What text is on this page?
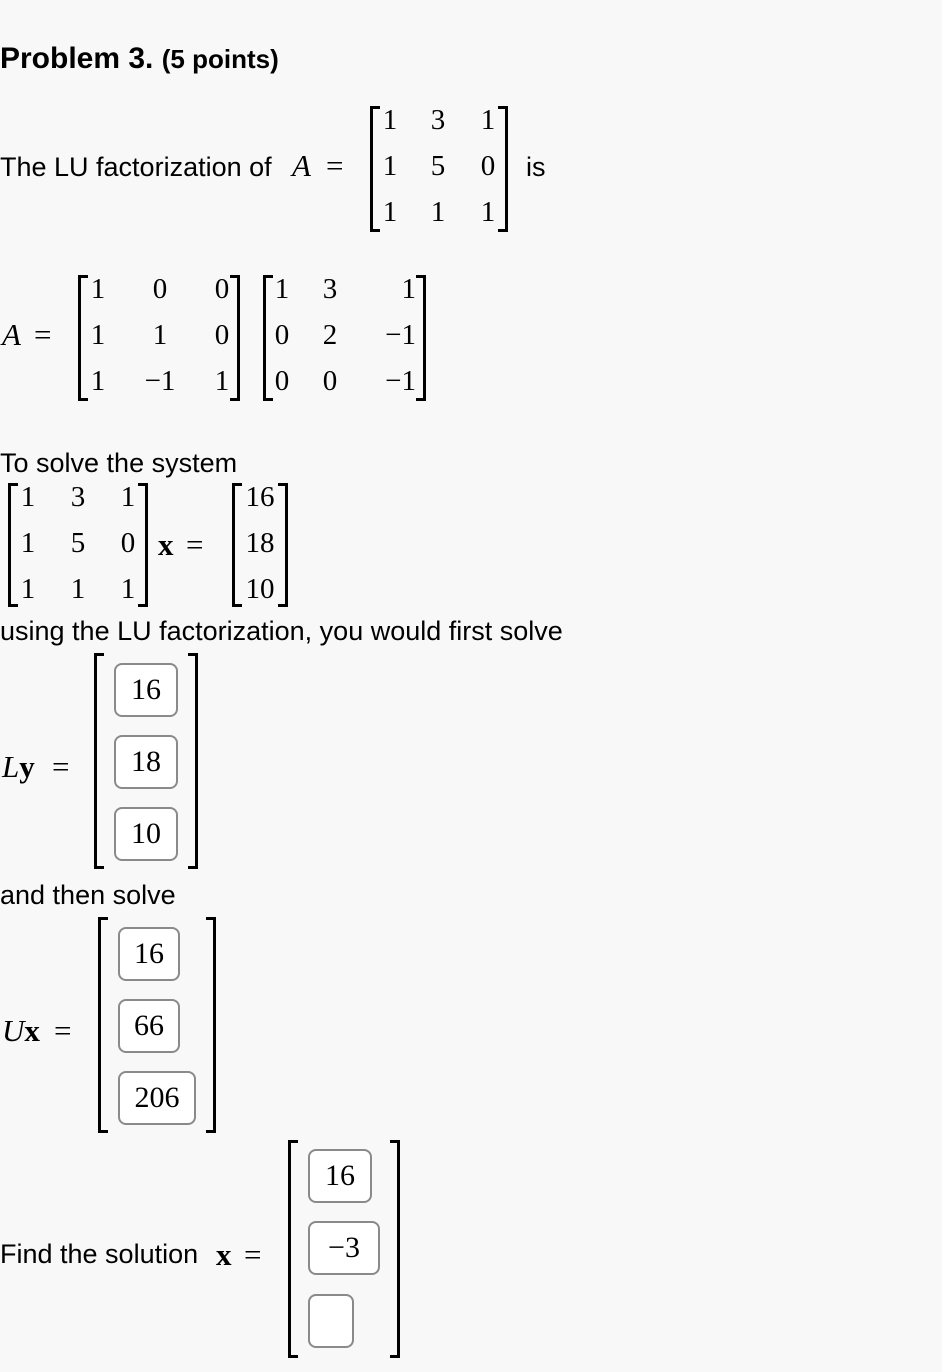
Problem 3. (5 points)
The LU factorization of A =
1 3 1
1 5 0
1 1 1
is
A =
1	0	0
1	1	0
1 −1 1
1 3	1
0 2	−1
0 0	−1
To solve the system
1 3 1
1 5 0
1 1 1
x =
16
18
10
using the LU factorization, you would first solve
Ly =
16
18
10
and then solve
Ux =
16
66
206
Find the solution x =
16
−3
